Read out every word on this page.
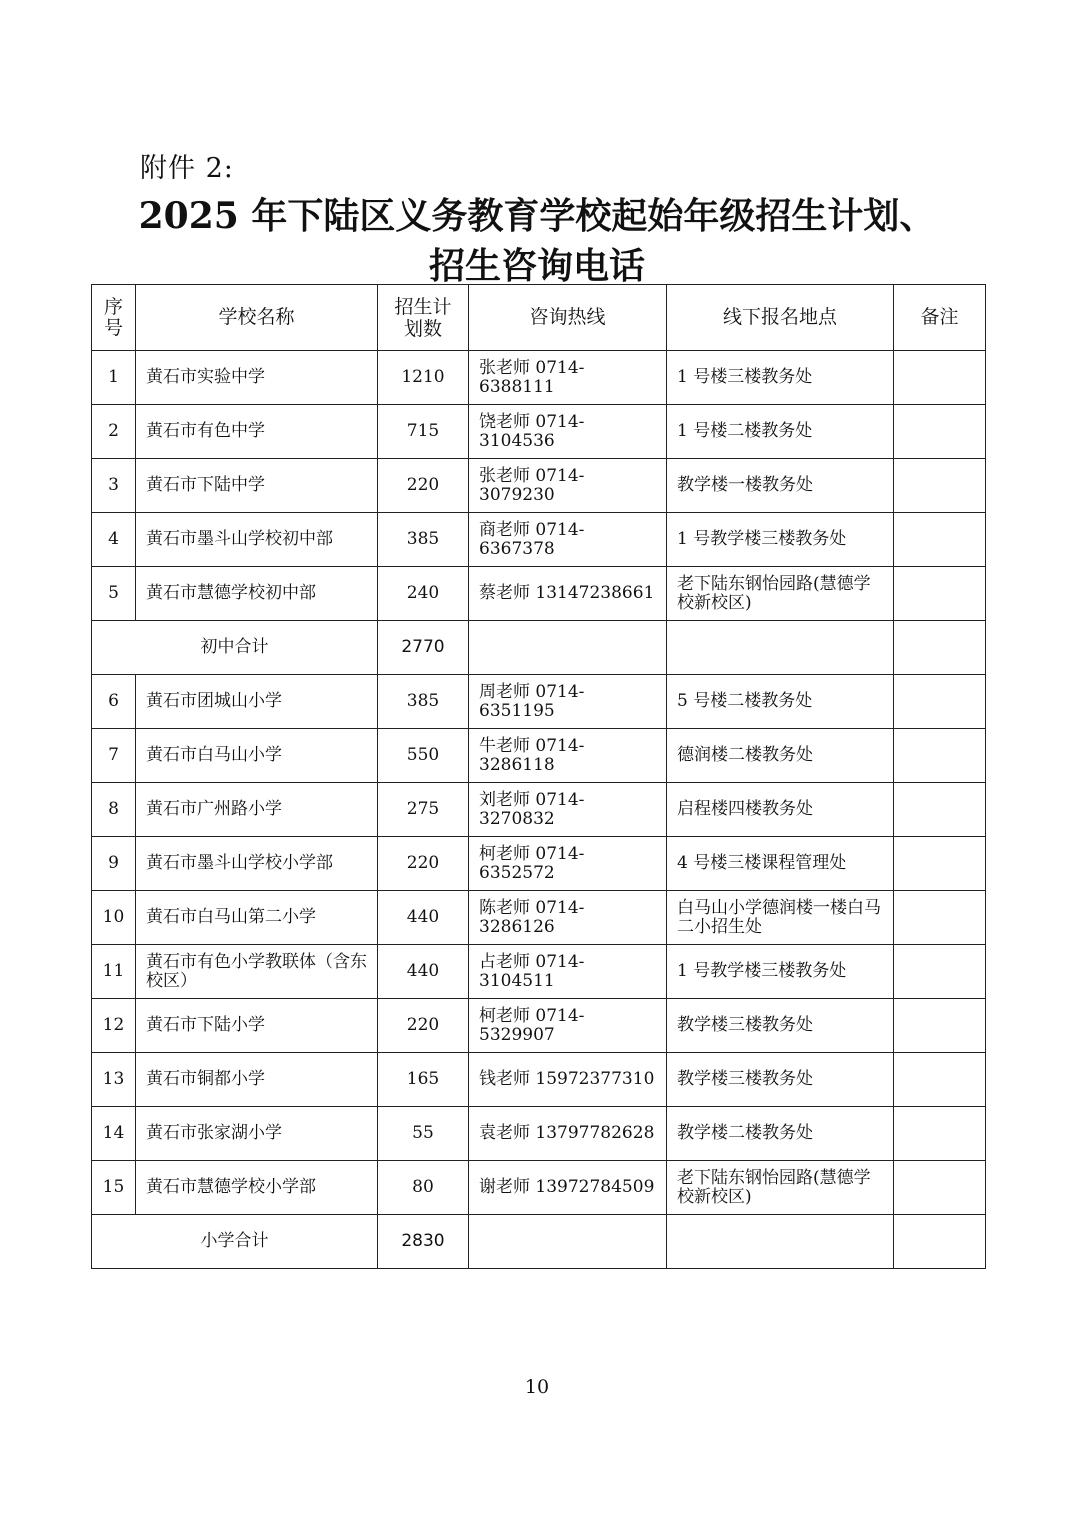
附件 2:
2025 年下陆区义务教育学校起始年级招生计划、
招生咨询电话
序号	学校名称	招生计划数	咨询热线	线下报名地点	备注
1	黄石市实验中学	1210	张老师 0714-6388111	1 号楼三楼教务处	
2	黄石市有色中学	715	饶老师 0714-3104536	1 号楼二楼教务处	
3	黄石市下陆中学	220	张老师 0714-3079230	教学楼一楼教务处	
4	黄石市墨斗山学校初中部	385	商老师 0714-6367378	1 号教学楼三楼教务处	
5	黄石市慧德学校初中部	240	蔡老师 13147238661	老下陆东钢怡园路(慧德学校新校区)	
初中合计		2770			
6	黄石市团城山小学	385	周老师 0714-6351195	5 号楼二楼教务处	
7	黄石市白马山小学	550	牛老师 0714-3286118	德润楼二楼教务处	
8	黄石市广州路小学	275	刘老师 0714-3270832	启程楼四楼教务处	
9	黄石市墨斗山学校小学部	220	柯老师 0714-6352572	4 号楼三楼课程管理处	
10	黄石市白马山第二小学	440	陈老师 0714-3286126	白马山小学德润楼一楼白马二小招生处	
11	黄石市有色小学教联体（含东校区）	440	占老师 0714-3104511	1 号教学楼三楼教务处	
12	黄石市下陆小学	220	柯老师 0714-5329907	教学楼三楼教务处	
13	黄石市铜都小学	165	钱老师 15972377310	教学楼三楼教务处	
14	黄石市张家湖小学	55	袁老师 13797782628	教学楼二楼教务处	
15	黄石市慧德学校小学部	80	谢老师 13972784509	老下陆东钢怡园路(慧德学校新校区)	
小学合计		2830			
10
